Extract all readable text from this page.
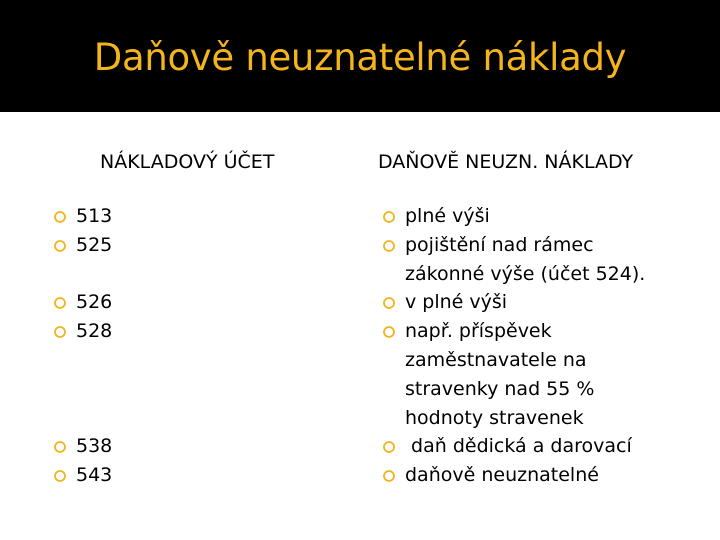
Daňově neuznatelné náklady
NÁKLADOVÝ ÚČET	DAŇOVĚ NEUZN. NÁKLADY
513
525
526
528
538
543
plné výši
pojištění nad rámec
zákonné výše (účet 524).
v plné výši
např. příspěvek
zaměstnavatele na
stravenky nad 55 %
hodnoty stravenek
daň dědická a darovací
daňově neuznatelné
